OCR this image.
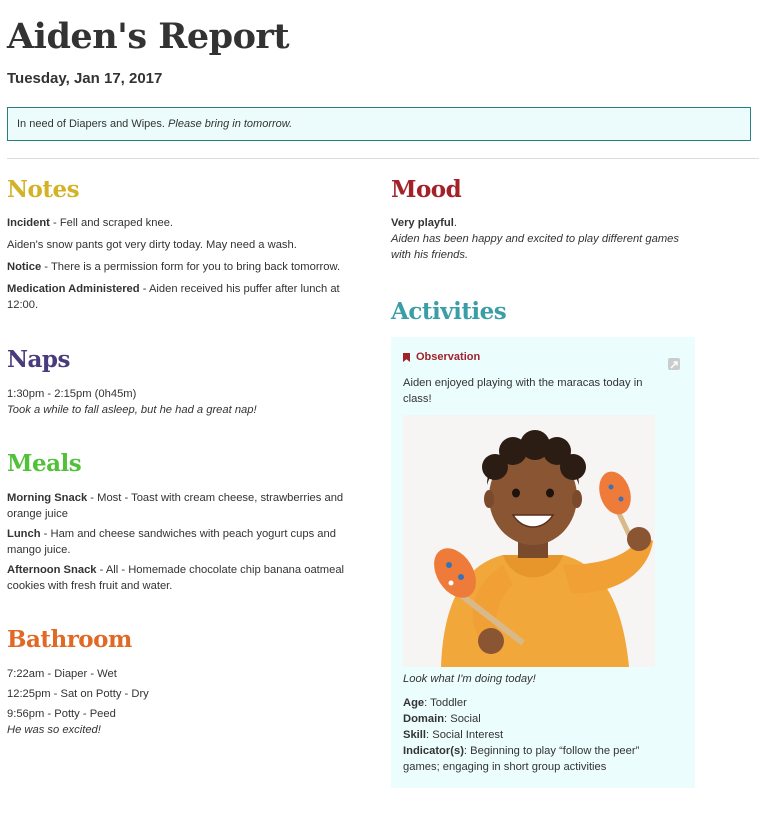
Aiden's Report
Tuesday, Jan 17, 2017
In need of Diapers and Wipes. Please bring in tomorrow.
Notes
Incident - Fell and scraped knee.
Aiden's snow pants got very dirty today. May need a wash.
Notice - There is a permission form for you to bring back tomorrow.
Medication Administered - Aiden received his puffer after lunch at
12:00.
Naps
1:30pm - 2:15pm (0h45m)
Took a while to fall asleep, but he had a great nap!
Meals
Morning Snack - Most - Toast with cream cheese, strawberries and
orange juice
Lunch - Ham and cheese sandwiches with peach yogurt cups and
mango juice.
Afternoon Snack - All - Homemade chocolate chip banana oatmeal
cookies with fresh fruit and water.
Bathroom
7:22am - Diaper - Wet
12:25pm - Sat on Potty - Dry
9:56pm - Potty - Peed
He was so excited!
Mood
Very playful.
Aiden has been happy and excited to play different games
with his friends.
Activities
Observation
Aiden enjoyed playing with the maracas today in
class!
Look what I'm doing today!
Age: Toddler
Domain: Social
Skill: Social Interest
Indicator(s): Beginning to play “follow the peer”
games; engaging in short group activities
